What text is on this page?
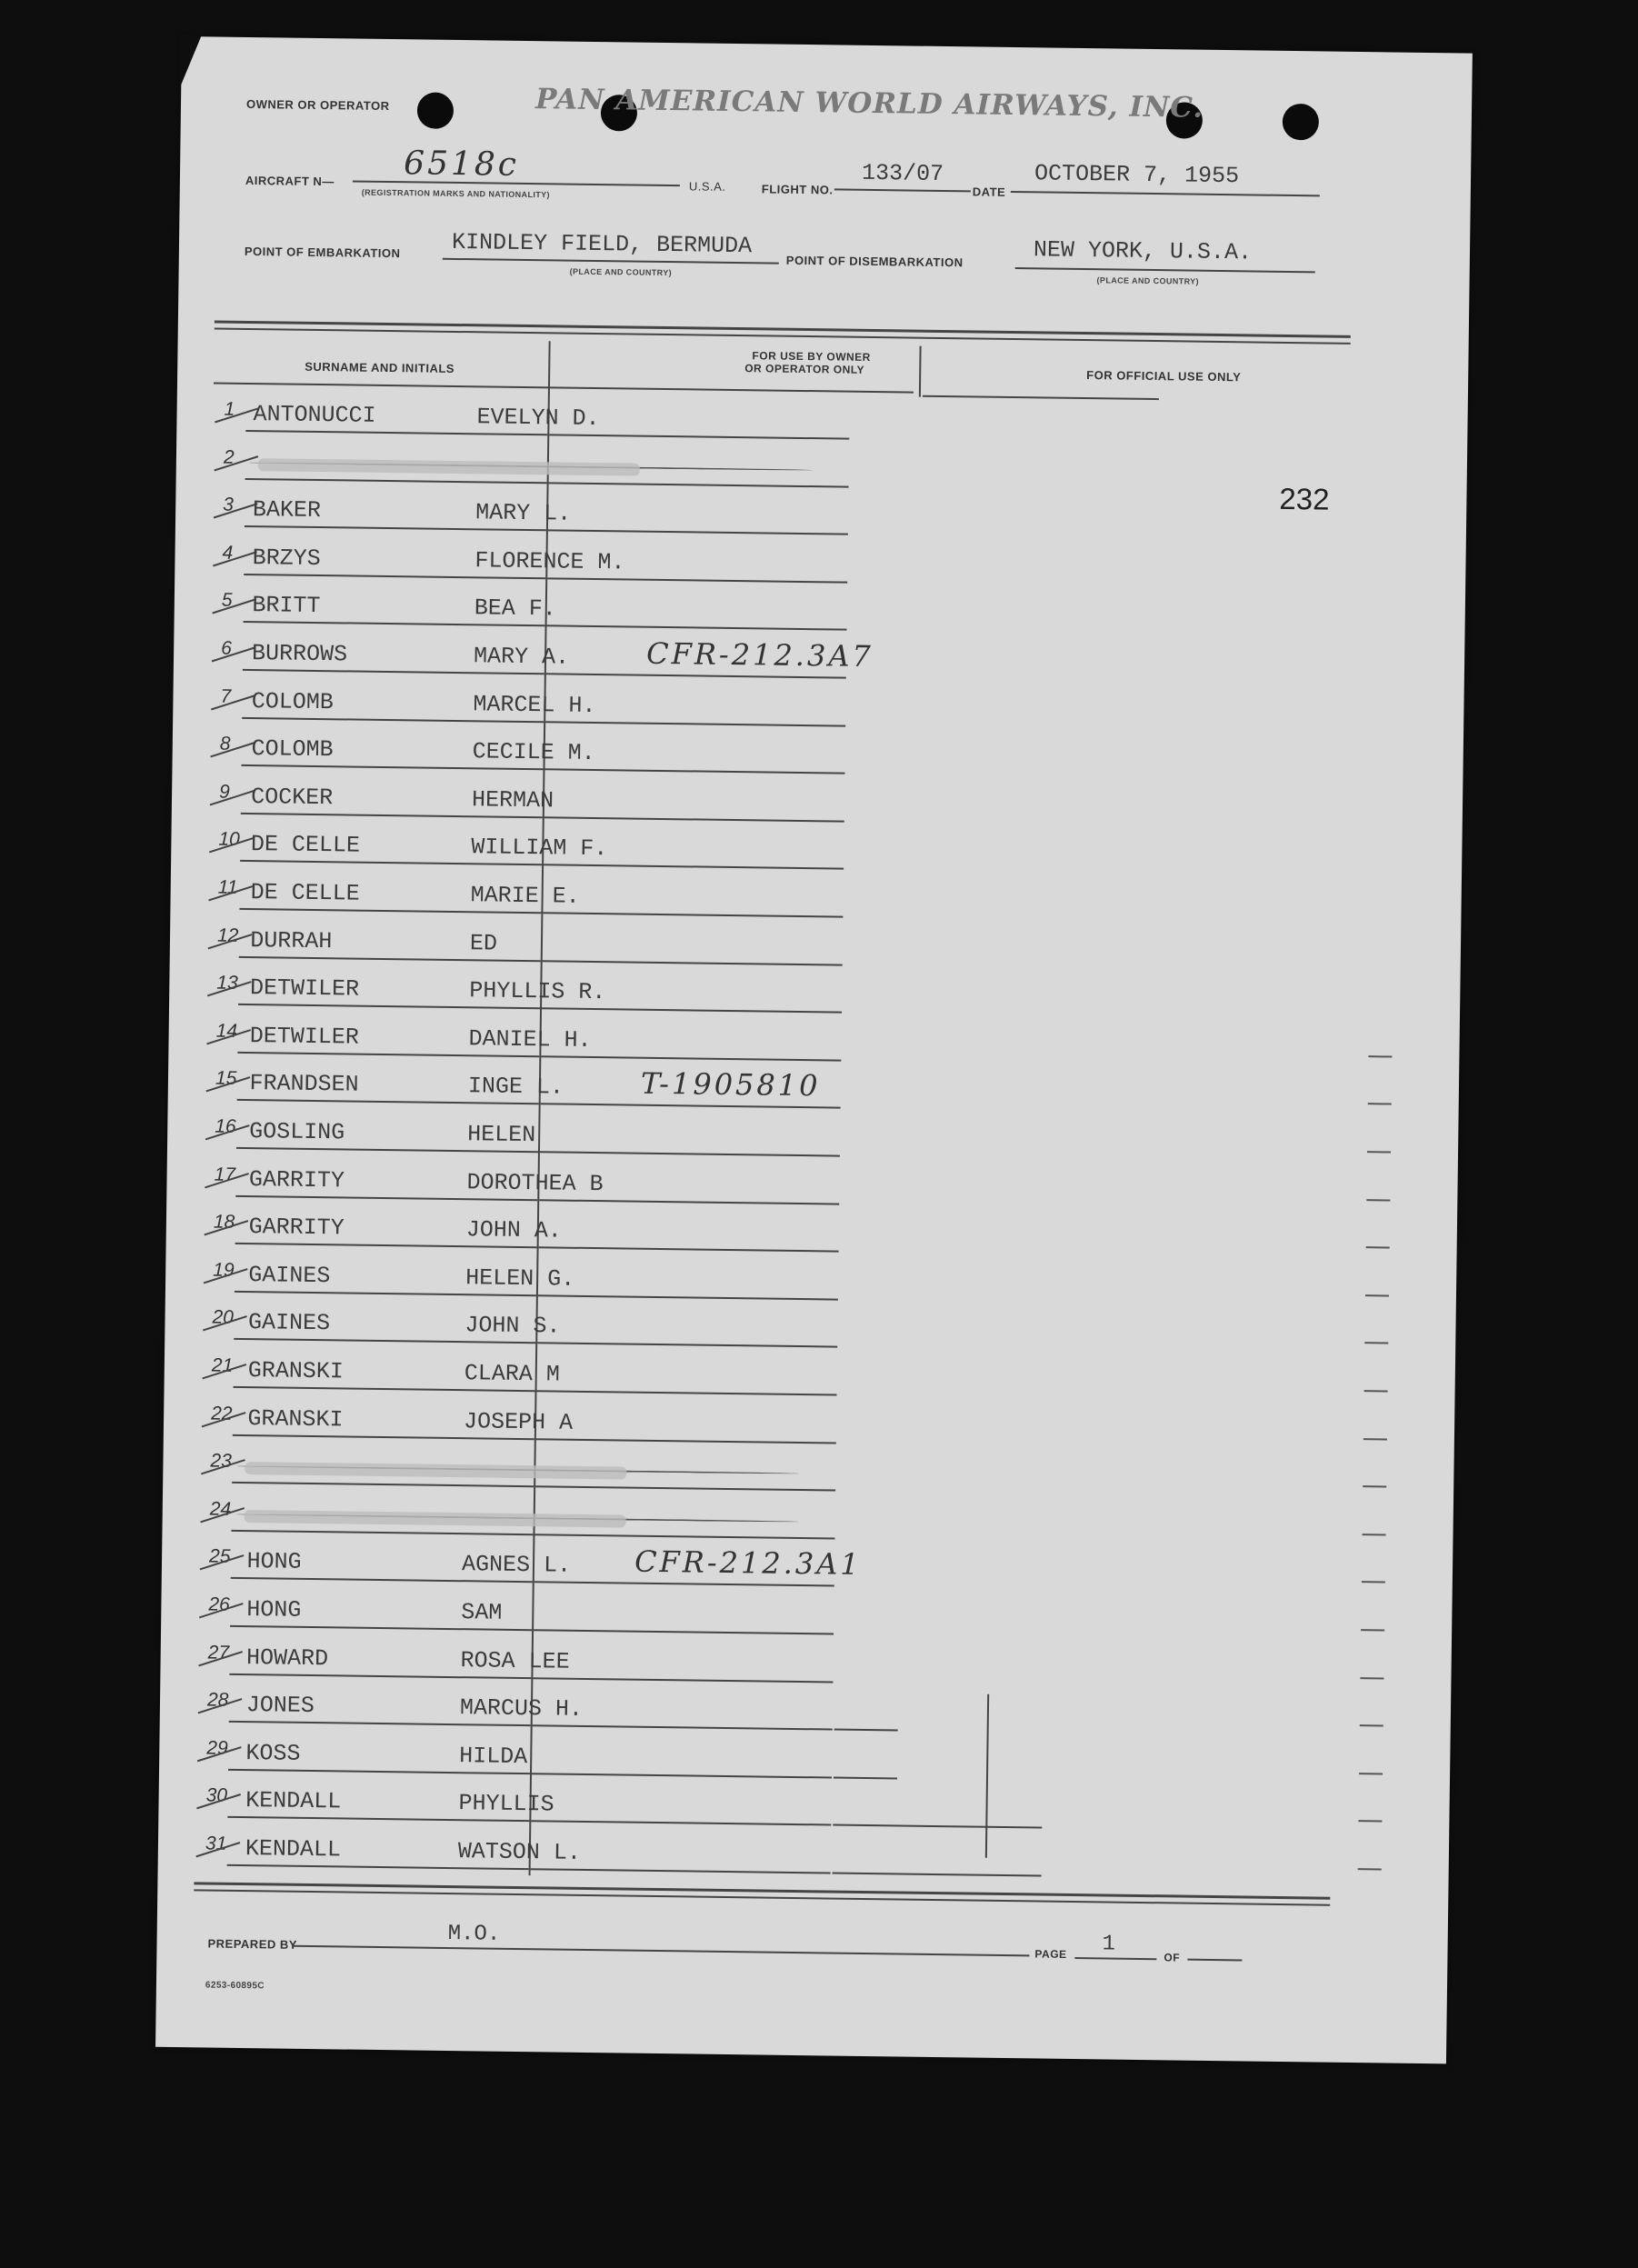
OWNER OR OPERATOR	PAN AMERICAN WORLD AIRWAYS, INC.
AIRCRAFT N— 6518c
(REGISTRATION MARKS AND NATIONALITY)
U.S.A.	FLIGHT NO.
133/07
DATE
OCTOBER 7, 1955
POINT OF EMBARKATION KINDLEY FIELD, BERMUDA
(PLACE AND COUNTRY)
POINT OF DISEMBARKATION	NEW YORK, U.S.A.
(PLACE AND COUNTRY)
SURNAME AND INITIALS
FOR USE BY OWNER
OR OPERATOR ONLY	FOR OFFICIAL USE ONLY
232
1 ANTONUCCI	EVELYN D.
2
3 BAKER	MARY L.
4 BRZYS	FLORENCE M.
5 BRITT	BEA F.
6 BURROWS	MARY A.	CFR-212.3A7
7 COLOMB	MARCEL H.
8 COLOMB	CECILE M.
9 COCKER	HERMAN
10 DE CELLE	WILLIAM F.
11 DE CELLE	MARIE E.
12 DURRAH	ED
13 DETWILER	PHYLLIS R.
14 DETWILER	DANIEL H.
15 FRANDSEN	INGE L.	T-1905810
16 GOSLING	HELEN
17 GARRITY	DOROTHEA B
18 GARRITY	JOHN A.
19 GAINES	HELEN G.
20 GAINES	JOHN S.
21 GRANSKI	CLARA M
22 GRANSKI	JOSEPH A
23
24
25 HONG	AGNES L. CFR-212.3A1
26 HONG	SAM
27 HOWARD	ROSA LEE
28 JONES	MARCUS H.
29 KOSS	HILDA
30 KENDALL	PHYLLIS
31 KENDALL	WATSON L.
PREPARED BY	M.O.
PAGE 1
OF
6253-60895C
